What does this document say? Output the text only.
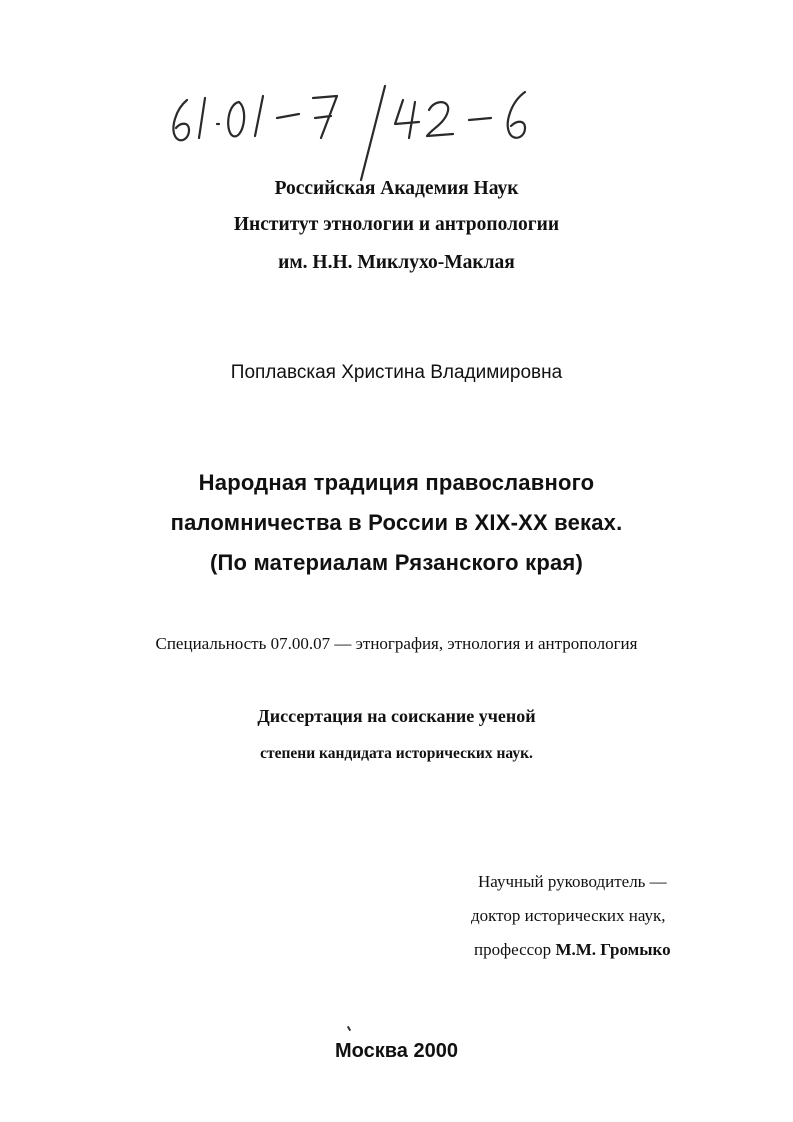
Российская Академия Наук
Институт этнологии и антропологии
им. Н.Н. Миклухо-Маклая
Поплавская Христина Владимировна
Народная традиция православного
паломничества в России в XIX-XX веках.
(По материалам Рязанского края)
Специальность 07.00.07 — этнография, этнология и антропология
Диссертация на соискание ученой
степени кандидата исторических наук.
Научный руководитель —
доктор исторических наук,
профессор М.М. Громыко
Москва 2000
